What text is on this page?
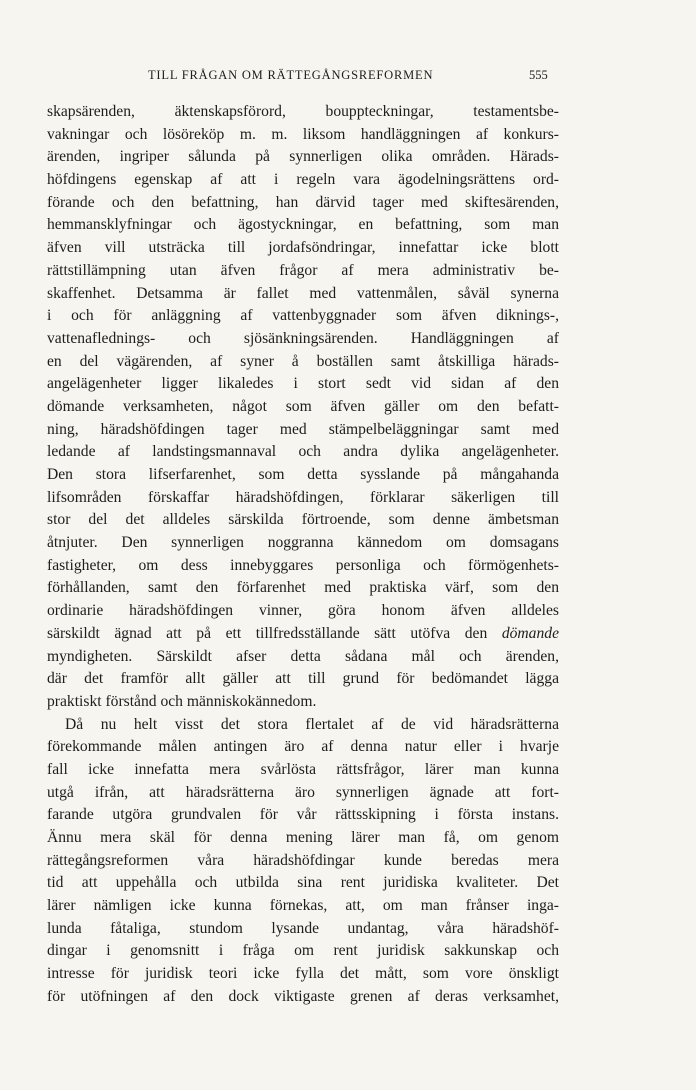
TILL FRÅGAN OM RÄTTEGÅNGSREFORMEN	555
skapsärenden, äktenskapsförord, bouppteckningar, testamentsbe-
vakningar och lösöreköp m. m. liksom handläggningen af konkurs-
ärenden, ingriper sålunda på synnerligen olika områden. Härads-
höfdingens egenskap af att i regeln vara ägodelningsrättens ord-
förande och den befattning, han därvid tager med skiftesärenden,
hemmansklyfningar och ägostyckningar, en befattning, som man
äfven vill utsträcka till jordafsöndringar, innefattar icke blott
rättstillämpning utan äfven frågor af mera administrativ be-
skaffenhet. Detsamma är fallet med vattenmålen, såväl synerna
i och för anläggning af vattenbyggnader som äfven diknings-,
vattenaflednings- och sjösänkningsärenden. Handläggningen af
en del vägärenden, af syner å boställen samt åtskilliga härads-
angelägenheter ligger likaledes i stort sedt vid sidan af den
dömande verksamheten, något som äfven gäller om den befatt-
ning, häradshöfdingen tager med stämpelbeläggningar samt med
ledande af landstingsmannaval och andra dylika angelägenheter.
Den stora lifserfarenhet, som detta sysslande på mångahanda
lifsområden förskaffar häradshöfdingen, förklarar säkerligen till
stor del det alldeles särskilda förtroende, som denne ämbetsman
åtnjuter. Den synnerligen noggranna kännedom om domsagans
fastigheter, om dess innebyggares personliga och förmögenhets-
förhållanden, samt den förfarenhet med praktiska värf, som den
ordinarie häradshöfdingen vinner, göra honom äfven alldeles
särskildt ägnad att på ett tillfredsställande sätt utöfva den dömande
myndigheten. Särskildt afser detta sådana mål och ärenden,
där det framför allt gäller att till grund för bedömandet lägga
praktiskt förstånd och människokännedom.
Då nu helt visst det stora flertalet af de vid häradsrätterna
förekommande målen antingen äro af denna natur eller i hvarje
fall icke innefatta mera svårlösta rättsfrågor, lärer man kunna
utgå ifrån, att häradsrätterna äro synnerligen ägnade att fort-
farande utgöra grundvalen för vår rättsskipning i första instans.
Ännu mera skäl för denna mening lärer man få, om genom
rättegångsreformen våra häradshöfdingar kunde beredas mera
tid att uppehålla och utbilda sina rent juridiska kvaliteter. Det
lärer nämligen icke kunna förnekas, att, om man frånser inga-
lunda fåtaliga, stundom lysande undantag, våra häradshöf-
dingar i genomsnitt i fråga om rent juridisk sakkunskap och
intresse för juridisk teori icke fylla det mått, som vore önskligt
för utöfningen af den dock viktigaste grenen af deras verksamhet,
